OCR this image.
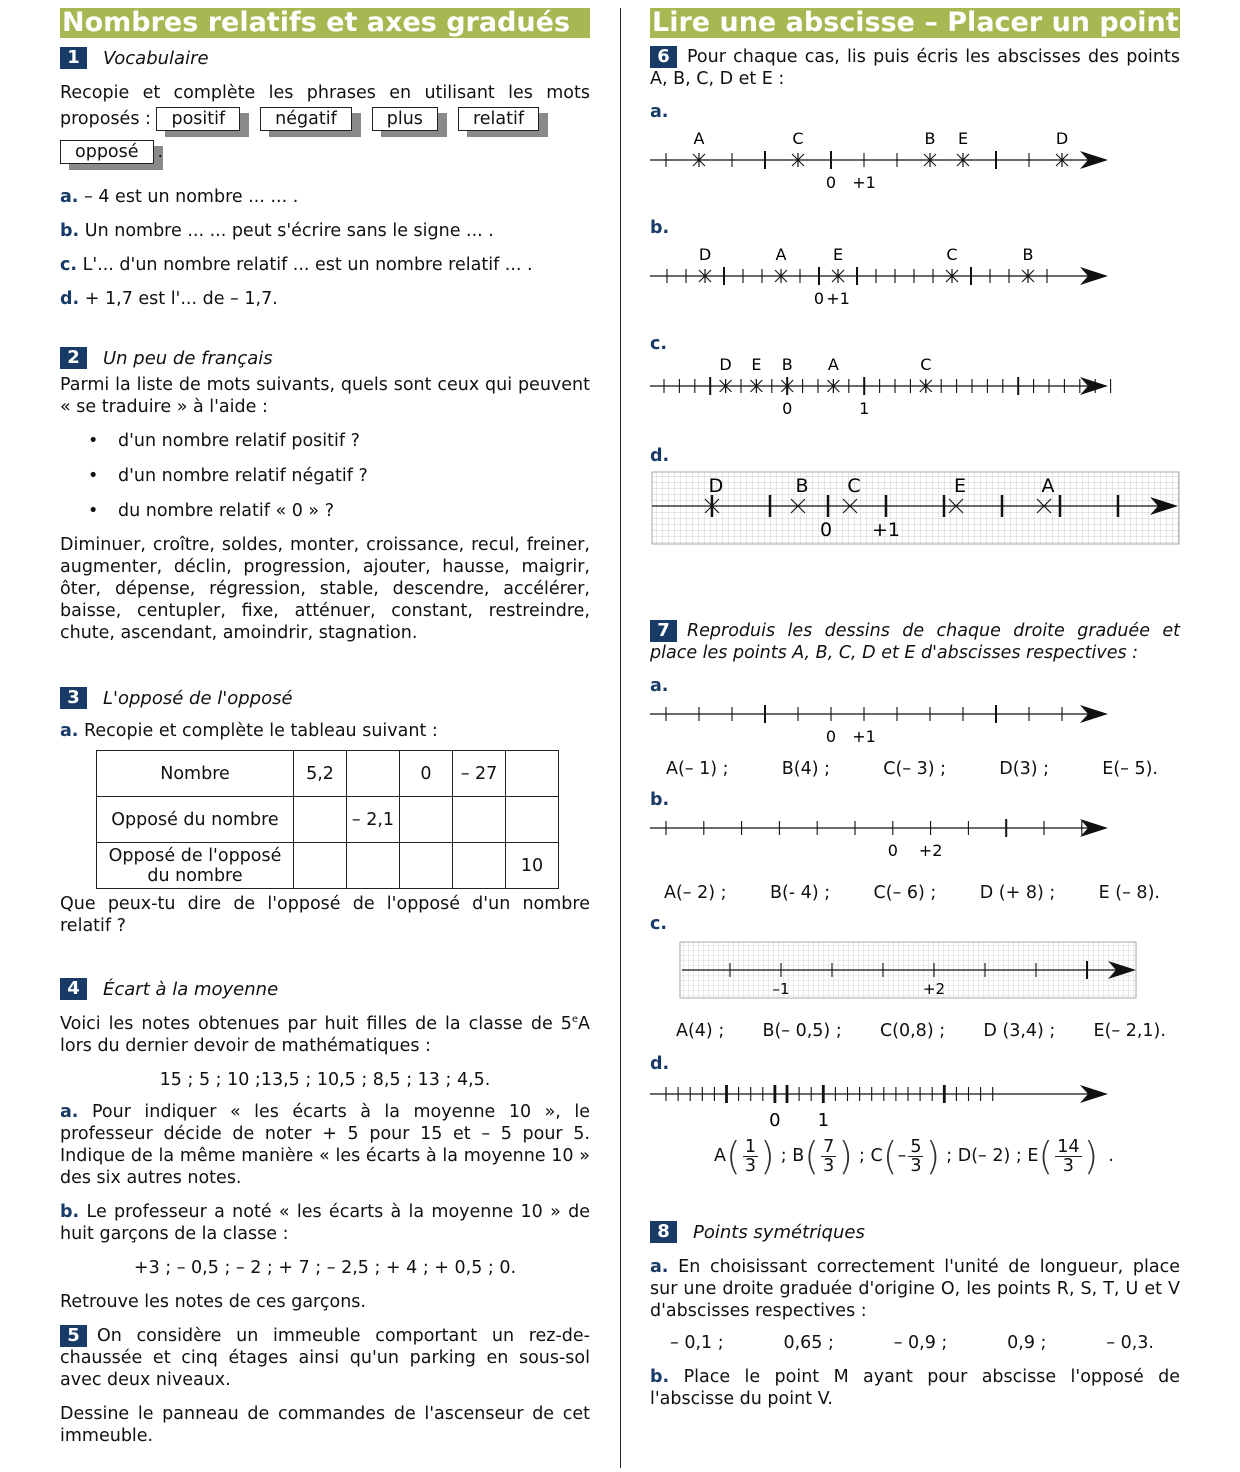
Nombres relatifs et axes gradués
1	Vocabulaire

Recopie et complète les phrases en utilisant les mots proposés : positif	négatif	plus	relatif

opposé .

a. – 4 est un nombre ... ... .

b. Un nombre ... ... peut s'écrire sans le signe ... .

c. L'... d'un nombre relatif ... est un nombre relatif ... .

d. + 1,7 est l'... de – 1,7.

2	Un peu de français

Parmi la liste de mots suivants, quels sont ceux qui peuvent « se traduire » à l'aide :

•	d'un nombre relatif positif ?
•	d'un nombre relatif négatif ?
•	du nombre relatif « 0 » ?

Diminuer, croître, soldes, monter, croissance, recul, freiner, augmenter, déclin, progression, ajouter, hausse, maigrir, ôter, dépense, régression, stable, descendre, accélérer, baisse, centupler, fixe, atténuer, constant, restreindre, chute, ascendant, amoindrir, stagnation.

3	L'opposé de l'opposé

a. Recopie et complète le tableau suivant :

Nombre	5,2		0	– 27	
Opposé du nombre		– 2,1			
Opposé de l'opposé du nombre					10

Que peux-tu dire de l'opposé de l'opposé d'un nombre relatif ?

4	Écart à la moyenne

Voici les notes obtenues par huit filles de la classe de 5eA lors du dernier devoir de mathématiques :

15 ; 5 ; 10 ;13,5 ; 10,5 ; 8,5 ; 13 ; 4,5.

a. Pour indiquer « les écarts à la moyenne 10 », le professeur décide de noter + 5 pour 15 et – 5 pour 5. Indique de la même manière « les écarts à la moyenne 10 » des six autres notes.

b. Le professeur a noté « les écarts à la moyenne 10 » de huit garçons de la classe :

+3 ; – 0,5 ; – 2 ; + 7 ; – 2,5 ; + 4 ; + 0,5 ; 0.

Retrouve les notes de ces garçons.

5 On considère un immeuble comportant un rez-de-chaussée et cinq étages ainsi qu'un parking en sous-sol avec deux niveaux.

Dessine le panneau de commandes de l'ascenseur de cet immeuble.

Lire une abscisse – Placer un point

6 Pour chaque cas, lis puis écris les abscisses des points A, B, C, D et E :

a.
A	C	B E	D
0 +1
b.
D	A	E	C	B
0 +1
c.
D E B A	C
0	1
d.
D	B C	E	A
0 +1

7 Reproduis les dessins de chaque droite graduée et place les points A, B, C, D et E d'abscisses respectives :

a.
0 +1
A(– 1) ;	B(4) ;	C(– 3) ;	D(3) ;	E(– 5).
b.
0 +2
A(– 2) ; B(- 4) ; C(– 6) ; D (+ 8) ; E (– 8).
c.
–1	+2
A(4) ; B(– 0,5) ; C(0,8) ; D (3,4) ; E(– 2,1).
d.
0 1
A ( $\frac{1}{3}$ ) ; B ( $\frac{7}{3}$ ) ; C ( – $\frac{5}{3}$ ) ; D(– 2) ; E ( $\frac{14}{3}$ ) .
8	Points symétriques

a. En choisissant correctement l'unité de longueur, place sur une droite graduée d'origine O, les points R, S, T, U et V d'abscisses respectives :

– 0,1 ;	0,65 ;	– 0,9 ;	0,9 ;	– 0,3.

b. Place le point M ayant pour abscisse l'opposé de l'abscisse du point V.
